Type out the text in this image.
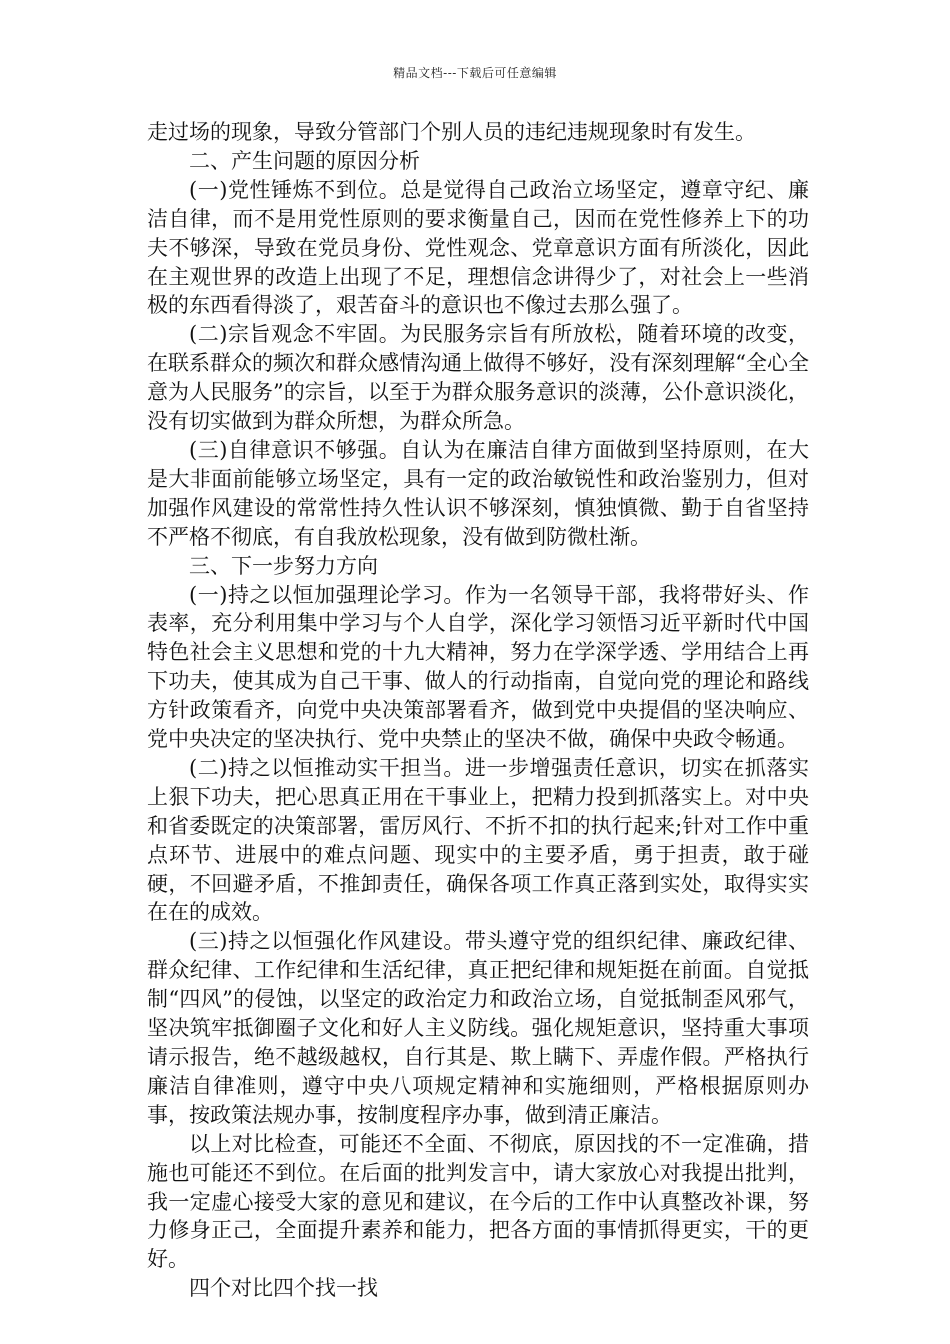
精品文档---下载后可任意编辑

走过场的现象，导致分管部门个别人员的违纪违规现象时有发生。

二、产生问题的原因分析

(一)党性锤炼不到位。总是觉得自己政治立场坚定，遵章守纪、廉洁自律，而不是用党性原则的要求衡量自己，因而在党性修养上下的功夫不够深，导致在党员身份、党性观念、党章意识方面有所淡化，因此在主观世界的改造上出现了不足，理想信念讲得少了，对社会上一些消极的东西看得淡了，艰苦奋斗的意识也不像过去那么强了。

(二)宗旨观念不牢固。为民服务宗旨有所放松，随着环境的改变，在联系群众的频次和群众感情沟通上做得不够好，没有深刻理解“全心全意为人民服务”的宗旨，以至于为群众服务意识的淡薄，公仆意识淡化，没有切实做到为群众所想，为群众所急。

(三)自律意识不够强。自认为在廉洁自律方面做到坚持原则，在大是大非面前能够立场坚定，具有一定的政治敏锐性和政治鉴别力，但对加强作风建设的常常性持久性认识不够深刻，慎独慎微、勤于自省坚持不严格不彻底，有自我放松现象，没有做到防微杜渐。

三、下一步努力方向

(一)持之以恒加强理论学习。作为一名领导干部，我将带好头、作表率，充分利用集中学习与个人自学，深化学习领悟习近平新时代中国特色社会主义思想和党的十九大精神，努力在学深学透、学用结合上再下功夫，使其成为自己干事、做人的行动指南，自觉向党的理论和路线方针政策看齐，向党中央决策部署看齐，做到党中央提倡的坚决响应、党中央决定的坚决执行、党中央禁止的坚决不做，确保中央政令畅通。

(二)持之以恒推动实干担当。进一步增强责任意识，切实在抓落实上狠下功夫，把心思真正用在干事业上，把精力投到抓落实上。对中央和省委既定的决策部署，雷厉风行、不折不扣的执行起来;针对工作中重点环节、进展中的难点问题、现实中的主要矛盾，勇于担责，敢于碰硬，不回避矛盾，不推卸责任，确保各项工作真正落到实处，取得实实在在的成效。

(三)持之以恒强化作风建设。带头遵守党的组织纪律、廉政纪律、群众纪律、工作纪律和生活纪律，真正把纪律和规矩挺在前面。自觉抵制“四风”的侵蚀，以坚定的政治定力和政治立场，自觉抵制歪风邪气，坚决筑牢抵御圈子文化和好人主义防线。强化规矩意识，坚持重大事项请示报告，绝不越级越权，自行其是、欺上瞒下、弄虚作假。严格执行廉洁自律准则，遵守中央八项规定精神和实施细则，严格根据原则办事，按政策法规办事，按制度程序办事，做到清正廉洁。

以上对比检查，可能还不全面、不彻底，原因找的不一定准确，措施也可能还不到位。在后面的批判发言中，请大家放心对我提出批判，我一定虚心接受大家的意见和建议，在今后的工作中认真整改补课，努力修身正己，全面提升素养和能力，把各方面的事情抓得更实，干的更好。

四个对比四个找一找
